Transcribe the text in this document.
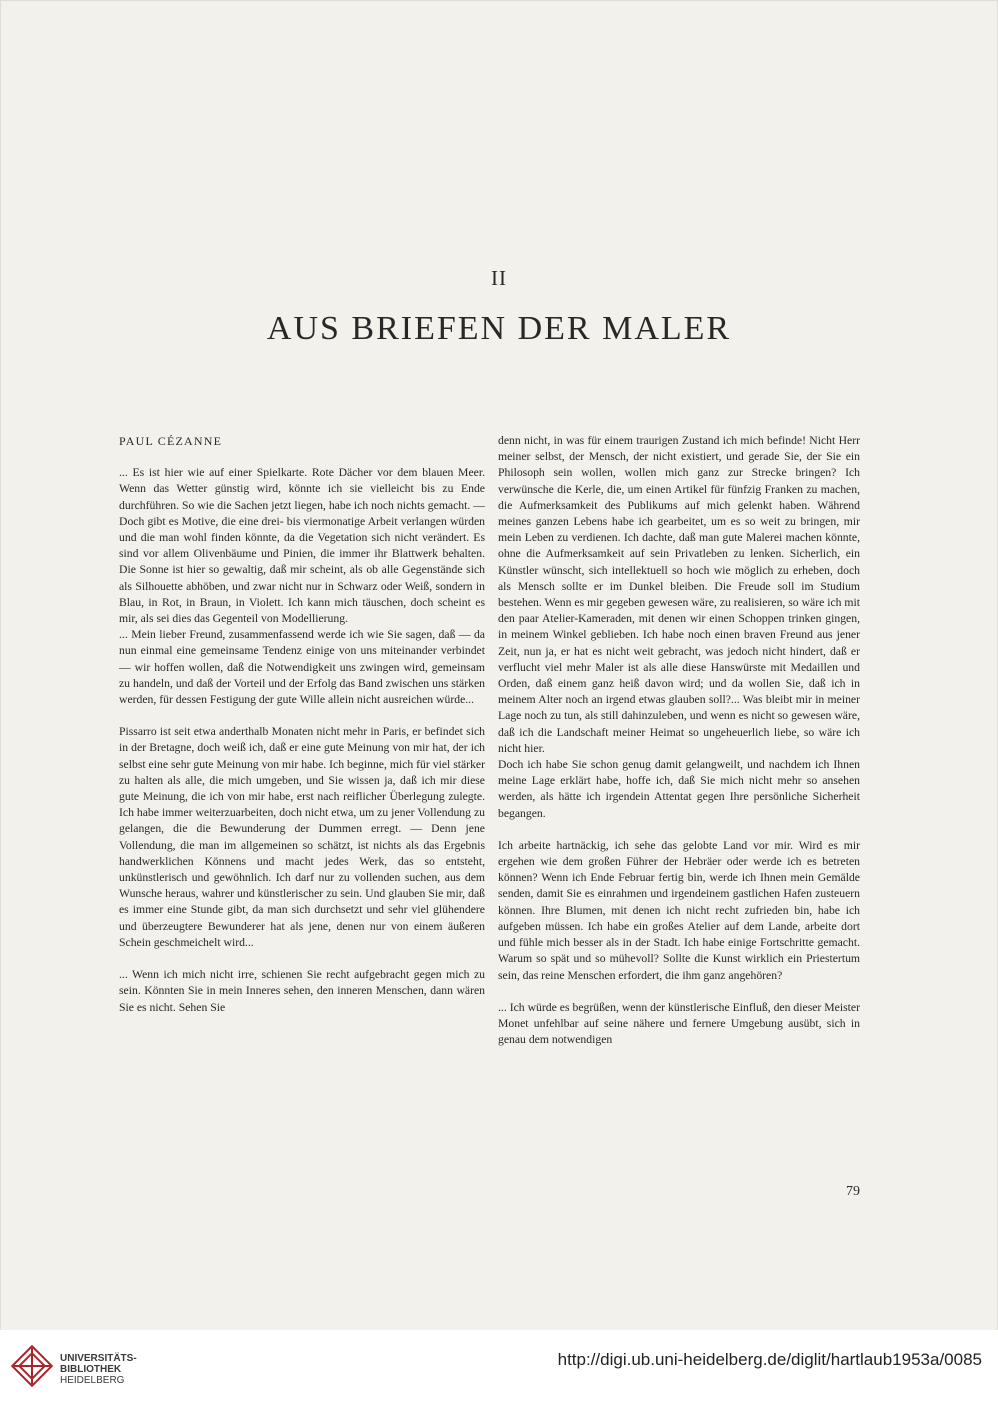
II
AUS BRIEFEN DER MALER
PAUL CÉZANNE

... Es ist hier wie auf einer Spielkarte. Rote Dächer vor dem blauen Meer. Wenn das Wetter günstig wird, könnte ich sie vielleicht bis zu Ende durchführen. So wie die Sachen jetzt liegen, habe ich noch nichts gemacht. — Doch gibt es Motive, die eine drei- bis viermonatige Arbeit verlangen würden und die man wohl finden könnte, da die Vegetation sich nicht verändert. Es sind vor allem Olivenbäume und Pinien, die immer ihr Blattwerk behalten. Die Sonne ist hier so gewaltig, daß mir scheint, als ob alle Gegenstände sich als Silhouette abhöben, und zwar nicht nur in Schwarz oder Weiß, sondern in Blau, in Rot, in Braun, in Violett. Ich kann mich täuschen, doch scheint es mir, als sei dies das Gegenteil von Modellierung.

... Mein lieber Freund, zusammenfassend werde ich wie Sie sagen, daß — da nun einmal eine gemeinsame Tendenz einige von uns miteinander verbindet — wir hoffen wollen, daß die Notwendigkeit uns zwingen wird, gemeinsam zu handeln, und daß der Vorteil und der Erfolg das Band zwischen uns stärken werden, für dessen Festigung der gute Wille allein nicht ausreichen würde...

Pissarro ist seit etwa anderthalb Monaten nicht mehr in Paris, er befindet sich in der Bretagne, doch weiß ich, daß er eine gute Meinung von mir hat, der ich selbst eine sehr gute Meinung von mir habe. Ich beginne, mich für viel stärker zu halten als alle, die mich umgeben, und Sie wissen ja, daß ich mir diese gute Meinung, die ich von mir habe, erst nach reiflicher Überlegung zulegte. Ich habe immer weiterzuarbeiten, doch nicht etwa, um zu jener Vollendung zu gelangen, die die Bewunderung der Dummen erregt. — Denn jene Vollendung, die man im allgemeinen so schätzt, ist nichts als das Ergebnis handwerklichen Könnens und macht jedes Werk, das so entsteht, unkünstlerisch und gewöhnlich. Ich darf nur zu vollenden suchen, aus dem Wunsche heraus, wahrer und künstlerischer zu sein. Und glauben Sie mir, daß es immer eine Stunde gibt, da man sich durchsetzt und sehr viel glühendere und überzeugtere Bewunderer hat als jene, denen nur von einem äußeren Schein geschmeichelt wird...

... Wenn ich mich nicht irre, schienen Sie recht aufgebracht gegen mich zu sein. Könnten Sie in mein Inneres sehen, den inneren Menschen, dann wären Sie es nicht. Sehen Sie

denn nicht, in was für einem traurigen Zustand ich mich befinde! Nicht Herr meiner selbst, der Mensch, der nicht existiert, und gerade Sie, der Sie ein Philosoph sein wollen, wollen mich ganz zur Strecke bringen? Ich verwünsche die Kerle, die, um einen Artikel für fünfzig Franken zu machen, die Aufmerksamkeit des Publikums auf mich gelenkt haben. Während meines ganzen Lebens habe ich gearbeitet, um es so weit zu bringen, mir mein Leben zu verdienen. Ich dachte, daß man gute Malerei machen könnte, ohne die Aufmerksamkeit auf sein Privatleben zu lenken. Sicherlich, ein Künstler wünscht, sich intellektuell so hoch wie möglich zu erheben, doch als Mensch sollte er im Dunkel bleiben. Die Freude soll im Studium bestehen. Wenn es mir gegeben gewesen wäre, zu realisieren, so wäre ich mit den paar Atelier-Kameraden, mit denen wir einen Schoppen trinken gingen, in meinem Winkel geblieben. Ich habe noch einen braven Freund aus jener Zeit, nun ja, er hat es nicht weit gebracht, was jedoch nicht hindert, daß er verflucht viel mehr Maler ist als alle diese Hanswürste mit Medaillen und Orden, daß einem ganz heiß davon wird; und da wollen Sie, daß ich in meinem Alter noch an irgend etwas glauben soll?... Was bleibt mir in meiner Lage noch zu tun, als still dahinzuleben, und wenn es nicht so gewesen wäre, daß ich die Landschaft meiner Heimat so ungeheuerlich liebe, so wäre ich nicht hier.

Doch ich habe Sie schon genug damit gelangweilt, und nachdem ich Ihnen meine Lage erklärt habe, hoffe ich, daß Sie mich nicht mehr so ansehen werden, als hätte ich irgendein Attentat gegen Ihre persönliche Sicherheit begangen.

Ich arbeite hartnäckig, ich sehe das gelobte Land vor mir. Wird es mir ergehen wie dem großen Führer der Hebräer oder werde ich es betreten können? Wenn ich Ende Februar fertig bin, werde ich Ihnen mein Gemälde senden, damit Sie es einrahmen und irgendeinem gastlichen Hafen zusteuern können. Ihre Blumen, mit denen ich nicht recht zufrieden bin, habe ich aufgeben müssen. Ich habe ein großes Atelier auf dem Lande, arbeite dort und fühle mich besser als in der Stadt. Ich habe einige Fortschritte gemacht. Warum so spät und so mühevoll? Sollte die Kunst wirklich ein Priestertum sein, das reine Menschen erfordert, die ihm ganz angehören?

... Ich würde es begrüßen, wenn der künstlerische Einfluß, den dieser Meister Monet unfehlbar auf seine nähere und fernere Umgebung ausübt, sich in genau dem notwendigen

79
UNIVERSITÄTS-
BIBLIOTHEK
HEIDELBERG
http://digi.ub.uni-heidelberg.de/diglit/hartlaub1953a/0085
